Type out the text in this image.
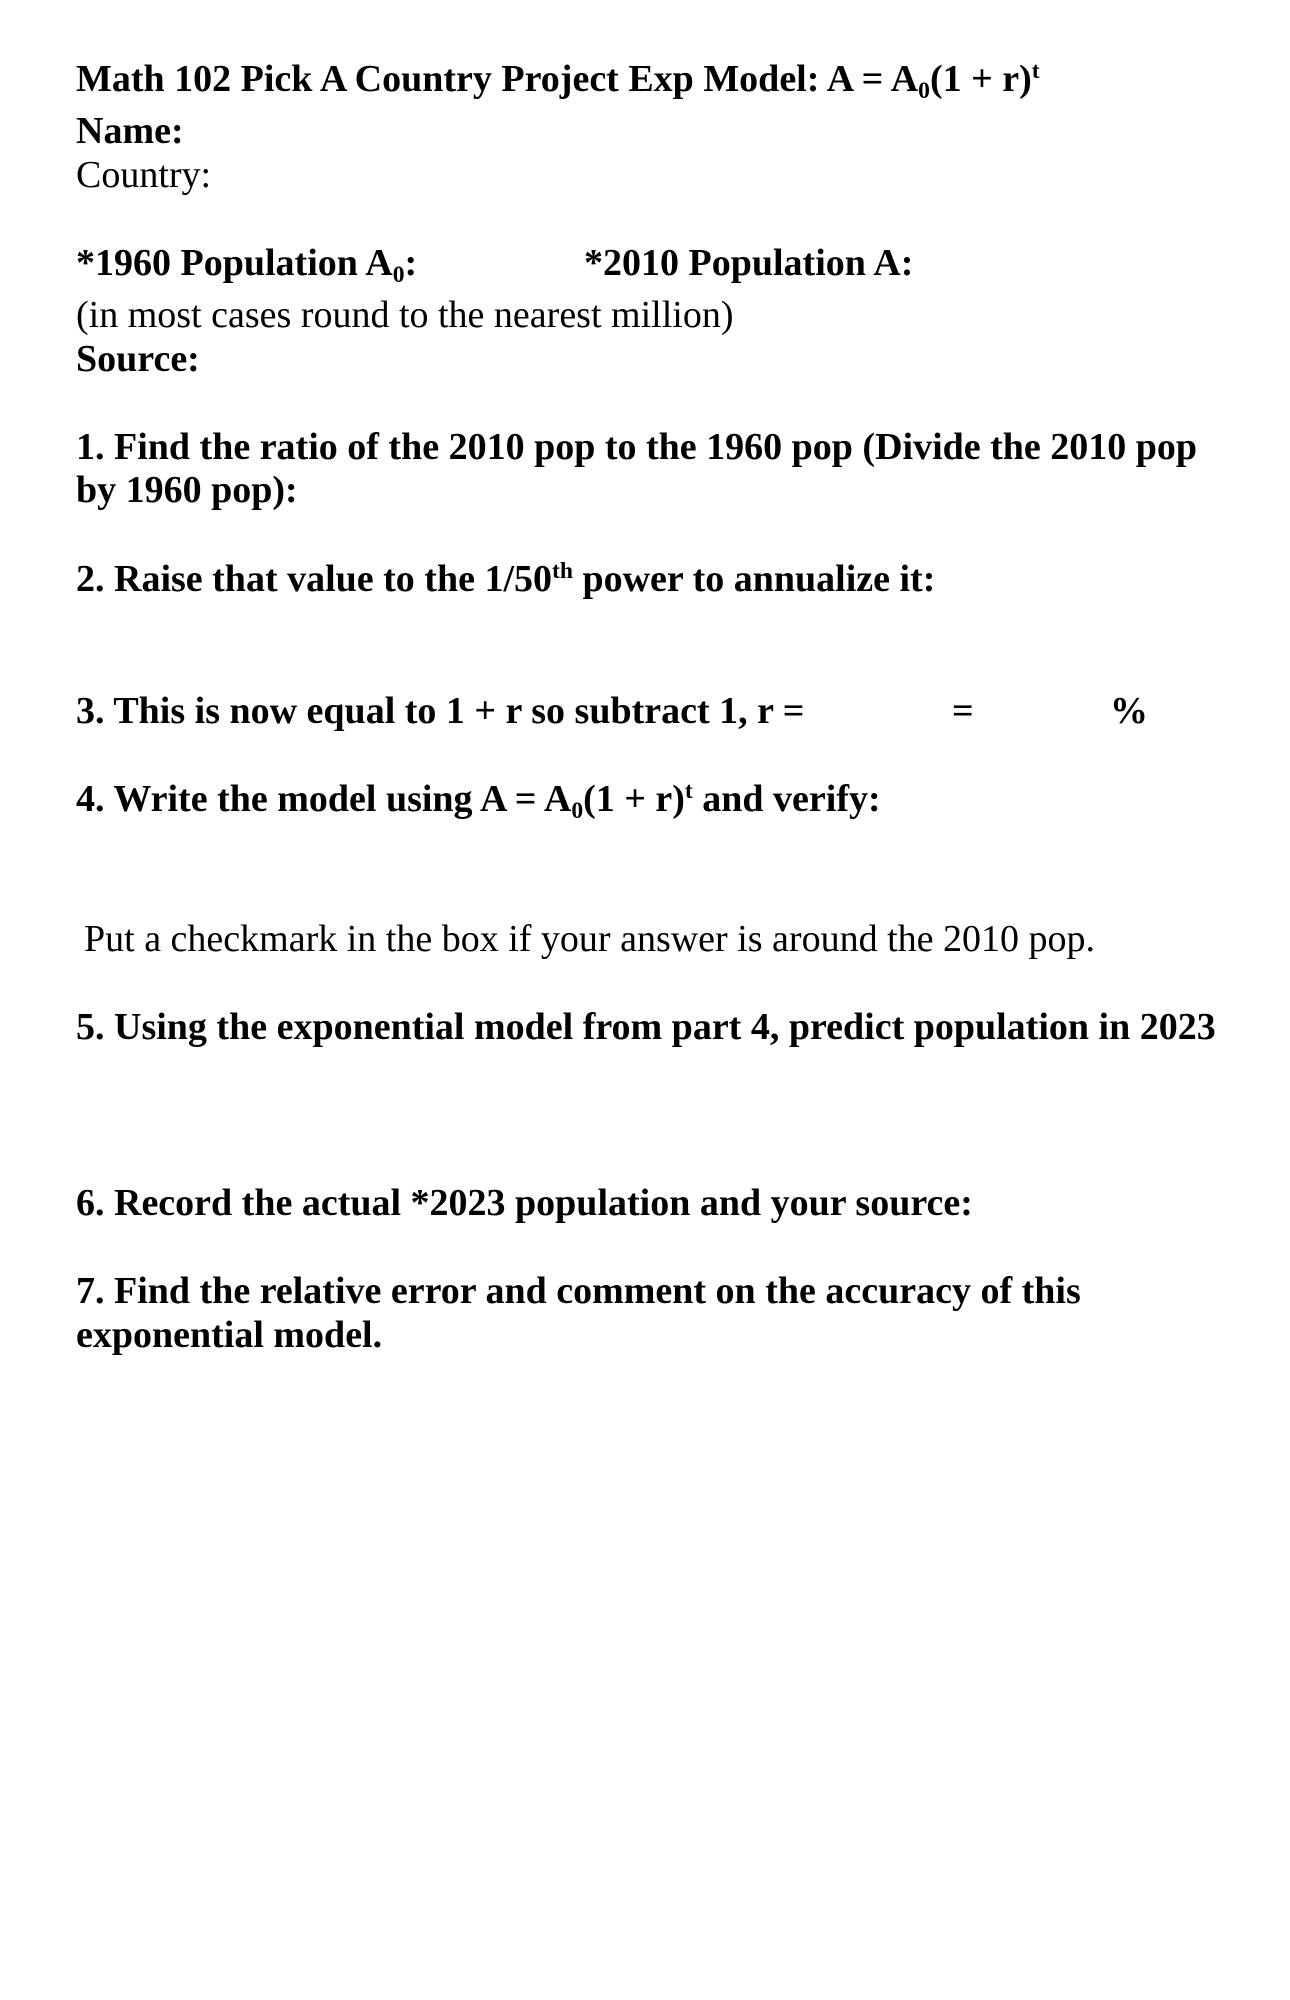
Math 102 Pick A Country Project Exp Model: $A = A_0(1 + r)^t$
Name:
Country:
*1960 Population $A_0$:	*2010 Population A:
(in most cases round to the nearest million)
Source:
1. Find the ratio of the 2010 pop to the 1960 pop (Divide the 2010 pop
by 1960 pop):
2. Raise that value to the 1/50th power to annualize it:
3. This is now equal to 1 + r so subtract 1, r =	=	%
4. Write the model using $A = A_0(1 + r)^t$ and verify:
Put a checkmark in the box if your answer is around the 2010 pop.
5. Using the exponential model from part 4, predict population in 2023
6. Record the actual *2023 population and your source:
7. Find the relative error and comment on the accuracy of this
exponential model.
